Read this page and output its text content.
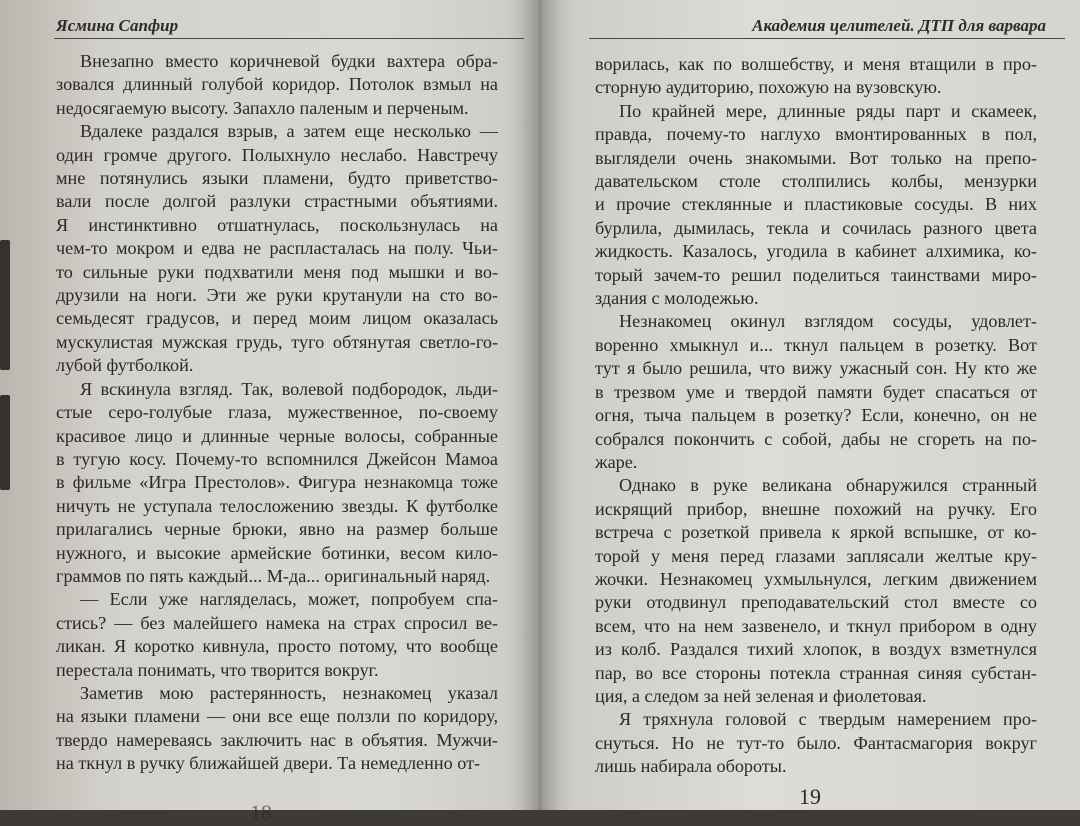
Ясмина Сапфир

Внезапно вместо коричневой будки вахтера обра-
зовался длинный голубой коридор. Потолок взмыл на
недосягаемую высоту. Запахло паленым и перченым.

Вдалеке раздался взрыв, а затем еще несколько —
один громче другого. Полыхнуло неслабо. Навстречу
мне потянулись языки пламени, будто приветство-
вали после долгой разлуки страстными объятиями.
Я инстинктивно отшатнулась, поскользнулась на
чем-то мокром и едва не распласталась на полу. Чьи-
то сильные руки подхватили меня под мышки и во-
друзили на ноги. Эти же руки крутанули на сто во-
семьдесят градусов, и перед моим лицом оказалась
мускулистая мужская грудь, туго обтянутая светло-го-
лубой футболкой.

Я вскинула взгляд. Так, волевой подбородок, льди-
стые серо-голубые глаза, мужественное, по-своему
красивое лицо и длинные черные волосы, собранные
в тугую косу. Почему-то вспомнился Джейсон Мамоа
в фильме «Игра Престолов». Фигура незнакомца тоже
ничуть не уступала телосложению звезды. К футболке
прилагались черные брюки, явно на размер больше
нужного, и высокие армейские ботинки, весом кило-
граммов по пять каждый... М-да... оригинальный наряд.

— Если уже нагляделась, может, попробуем спа-
стись? — без малейшего намека на страх спросил ве-
ликан. Я коротко кивнула, просто потому, что вообще
перестала понимать, что творится вокруг.

Заметив мою растерянность, незнакомец указал
на языки пламени — они все еще ползли по коридору,
твердо намереваясь заключить нас в объятия. Мужчи-
на ткнул в ручку ближайшей двери. Та немедленно от-

18
Академия целителей. ДТП для варвара

ворилась, как по волшебству, и меня втащили в про-
сторную аудиторию, похожую на вузовскую.

По крайней мере, длинные ряды парт и скамеек,
правда, почему-то наглухо вмонтированных в пол,
выглядели очень знакомыми. Вот только на препо-
давательском столе столпились колбы, мензурки
и прочие стеклянные и пластиковые сосуды. В них
бурлила, дымилась, текла и сочилась разного цвета
жидкость. Казалось, угодила в кабинет алхимика, ко-
торый зачем-то решил поделиться таинствами миро-
здания с молодежью.

Незнакомец окинул взглядом сосуды, удовлет-
воренно хмыкнул и... ткнул пальцем в розетку. Вот
тут я было решила, что вижу ужасный сон. Ну кто же
в трезвом уме и твердой памяти будет спасаться от
огня, тыча пальцем в розетку? Если, конечно, он не
собрался покончить с собой, дабы не сгореть на по-
жаре.

Однако в руке великана обнаружился странный
искрящий прибор, внешне похожий на ручку. Его
встреча с розеткой привела к яркой вспышке, от ко-
торой у меня перед глазами заплясали желтые кру-
жочки. Незнакомец ухмыльнулся, легким движением
руки отодвинул преподавательский стол вместе со
всем, что на нем зазвенело, и ткнул прибором в одну
из колб. Раздался тихий хлопок, в воздух взметнулся
пар, во все стороны потекла странная синяя субстан-
ция, а следом за ней зеленая и фиолетовая.

Я тряхнула головой с твердым намерением про-
снуться. Но не тут-то было. Фантасмагория вокруг
лишь набирала обороты.

19
